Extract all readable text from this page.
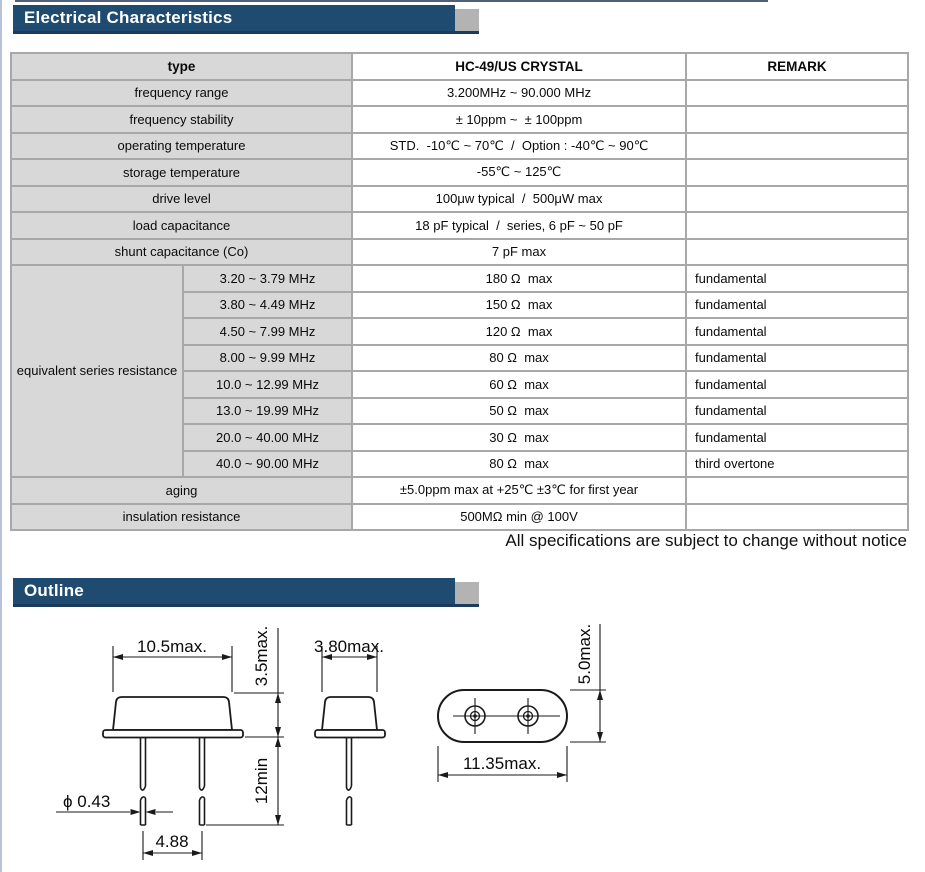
Electrical Characteristics
type		HC-49/US CRYSTAL	REMARK
frequency range		3.200MHz ~ 90.000 MHz	
frequency stability		± 10ppm ~  ± 100ppm	
operating temperature		STD.  -10℃ ~ 70℃  /  Option : -40℃ ~ 90℃	
storage temperature		-55℃ ~ 125℃	
drive level		100μw typical  /  500μW max	
load capacitance		18 pF typical  /  series, 6 pF ~ 50 pF	
shunt capacitance (Co)		7 pF max	
equivalent series resistance	3.20 ~ 3.79 MHz	180 Ω  max	fundamental
	3.80 ~ 4.49 MHz	150 Ω  max	fundamental
	4.50 ~ 7.99 MHz	120 Ω  max	fundamental
	8.00 ~ 9.99 MHz	80 Ω  max	fundamental
	10.0 ~ 12.99 MHz	60 Ω  max	fundamental
	13.0 ~ 19.99 MHz	50 Ω  max	fundamental
	20.0 ~ 40.00 MHz	30 Ω  max	fundamental
	40.0 ~ 90.00 MHz	80 Ω  max	third overtone
aging		±5.0ppm max at +25℃ ±3℃ for first year	
insulation resistance		500MΩ min @ 100V	
All specifications are subject to change without notice
Outline
10.5max.	3.5max.
12min
ϕ 0.43
4.88
3.80max.	5.0max.
11.35max.
